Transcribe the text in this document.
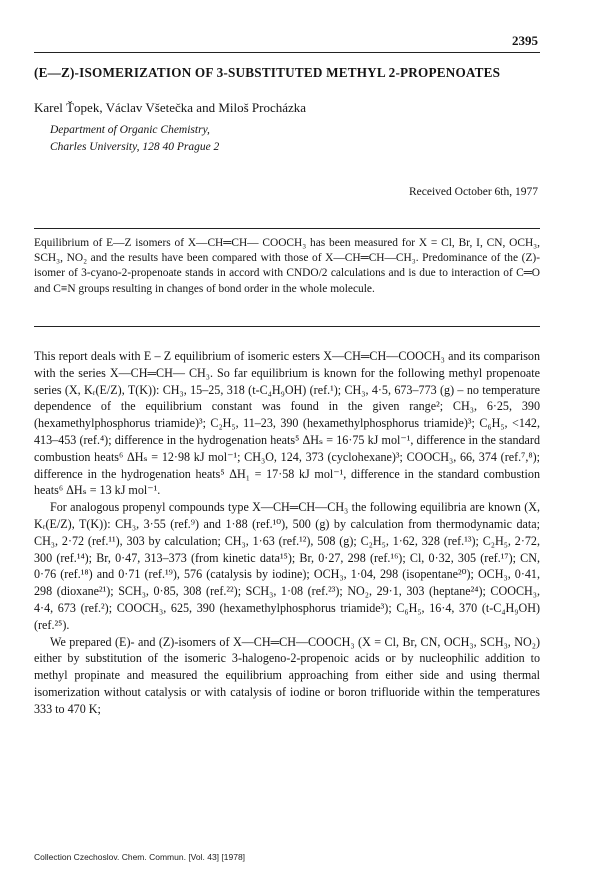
2395
(E—Z)-ISOMERIZATION OF 3-SUBSTITUTED METHYL 2-PROPENOATES
Karel Ťopek, Václav Všetečka and Miloš Procházka
Department of Organic Chemistry,
Charles University, 128 40 Prague 2
Received October 6th, 1977

Equilibrium of E—Z isomers of X—CH═CH— COOCH₃ has been measured for X = Cl, Br, I, CN, OCH₃, SCH₃, NO₂ and the results have been compared with those of X—CH═CH—CH₃. Predominance of the (Z)-isomer of 3-cyano-2-propenoate stands in accord with CNDO/2 calculations and is due to interaction of C═O and C≡N groups resulting in changes of bond order in the whole molecule.

This report deals with E – Z equilibrium of isomeric esters X—CH═CH—COOCH₃ and its comparison with the series X—CH═CH— CH₃. So far equilibrium is known for the following methyl propenoate series (X, Kᵣ(E/Z), T(K)): CH₃, 15–25, 318 (t-C₄H₉OH) (ref.¹); CH₃, 4·5, 673–773 (g) – no temperature dependence of the equilibrium constant was found in the given range²; CH₃, 6·25, 390 (hexamethylphosphorus triamide)³; C₂H₅, 11–23, 390 (hexamethylphosphorus triamide)³; C₆H₅, <142, 413–453 (ref.⁴); difference in the hydrogenation heats⁵ ΔHₛ = 16·75 kJ mol⁻¹, difference in the standard combustion heats⁶ ΔHₛ = 12·98 kJ mol⁻¹; CH₃O, 124, 373 (cyclohexane)³; COOCH₃, 66, 374 (ref.⁷,⁸); difference in the hydrogenation heats⁵ ΔH₁ = 17·58 kJ mol⁻¹, difference in the standard combustion heats⁶ ΔHₛ = 13 kJ mol⁻¹.

For analogous propenyl compounds type X—CH═CH—CH₃ the following equilibria are known (X, Kᵣ(E/Z), T(K)): CH₃, 3·55 (ref.⁹) and 1·88 (ref.¹⁰), 500 (g) by calculation from thermodynamic data; CH₃, 2·72 (ref.¹¹), 303 by calculation; CH₃, 1·63 (ref.¹²), 508 (g); C₂H₅, 1·62, 328 (ref.¹³); C₂H₅, 2·72, 300 (ref.¹⁴); Br, 0·47, 313–373 (from kinetic data¹⁵); Br, 0·27, 298 (ref.¹⁶); Cl, 0·32, 305 (ref.¹⁷); CN, 0·76 (ref.¹⁸) and 0·71 (ref.¹⁹), 576 (catalysis by iodine); OCH₃, 1·04, 298 (isopentane²⁰); OCH₃, 0·41, 298 (dioxane²¹); SCH₃, 0·85, 308 (ref.²²); SCH₃, 1·08 (ref.²³); NO₂, 29·1, 303 (heptane²⁴); COOCH₃, 4·4, 673 (ref.²); COOCH₃, 625, 390 (hexamethylphosphorus triamide³); C₆H₅, 16·4, 370 (t-C₄H₉OH) (ref.²⁵).

We prepared (E)- and (Z)-isomers of X—CH═CH—COOCH₃ (X = Cl, Br, CN, OCH₃, SCH₃, NO₂) either by substitution of the isomeric 3-halogeno-2-propenoic acids or by nucleophilic addition to methyl propinate and measured the equilibrium approaching from either side and using thermal isomerization without catalysis or with catalysis of iodine or boron trifluoride within the temperatures 333 to 470 K;

Collection Czechoslov. Chem. Commun. [Vol. 43] [1978]
